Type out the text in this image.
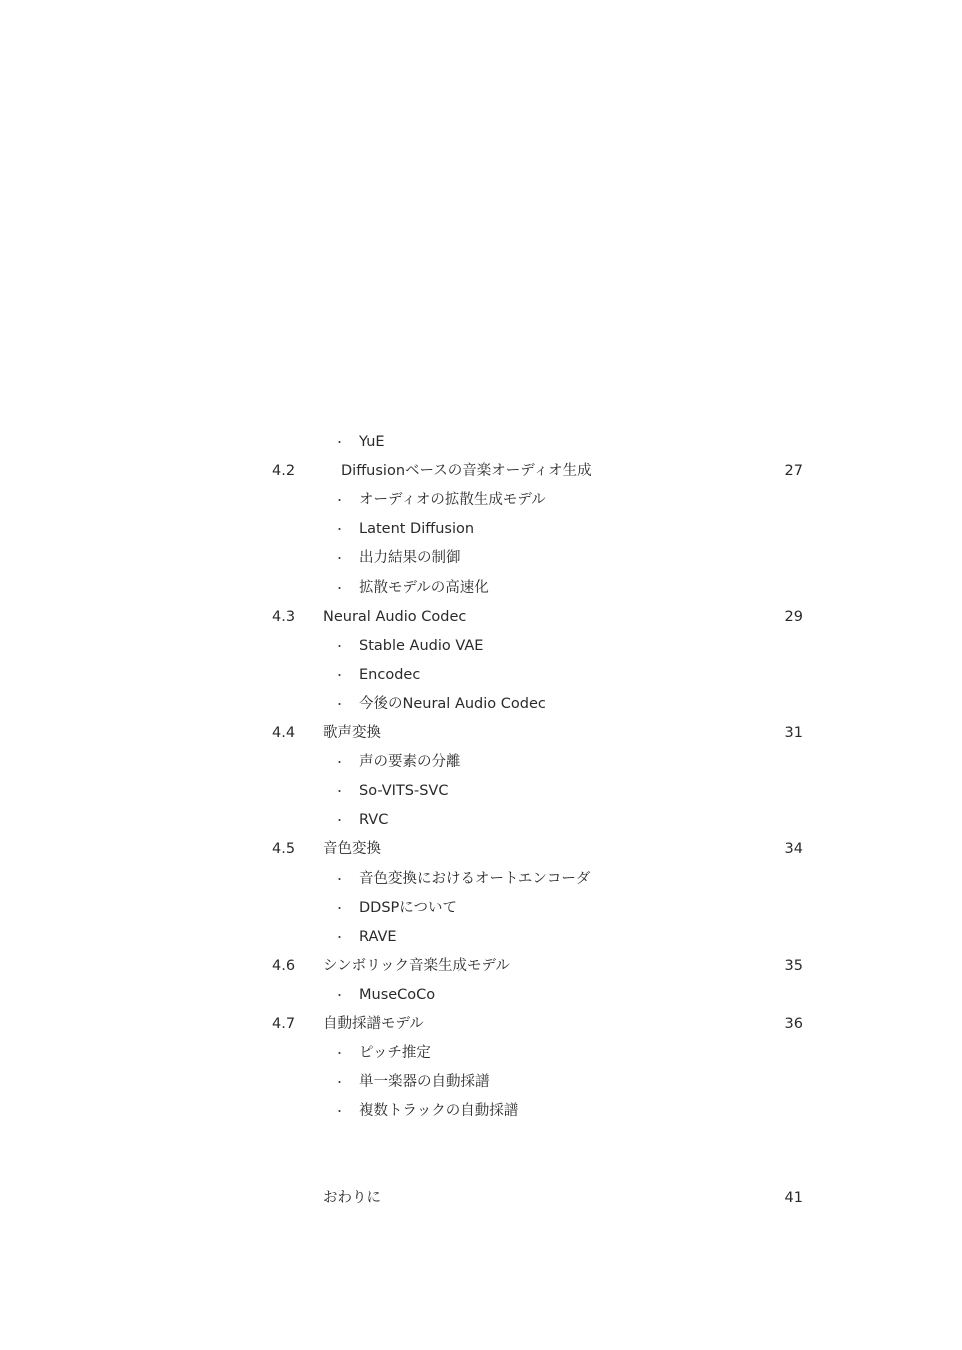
・ YuE
4.2	Diffusionベースの音楽オーディオ生成	27
・ オーディオの拡散生成モデル
・ Latent Diffusion
・ 出力結果の制御
・ 拡散モデルの高速化
4.3 Neural Audio Codec	29
・ Stable Audio VAE
・ Encodec
・ 今後のNeural Audio Codec
4.4 歌声変換	31
・ 声の要素の分離
・ So-VITS-SVC
・ RVC
4.5 音色変換	34
・ 音色変換におけるオートエンコーダ
・ DDSPについて
・ RAVE
4.6 シンボリック音楽生成モデル	35
・ MuseCoCo
4.7 自動採譜モデル	36
・ ピッチ推定
・ 単一楽器の自動採譜
・ 複数トラックの自動採譜
おわりに	41
